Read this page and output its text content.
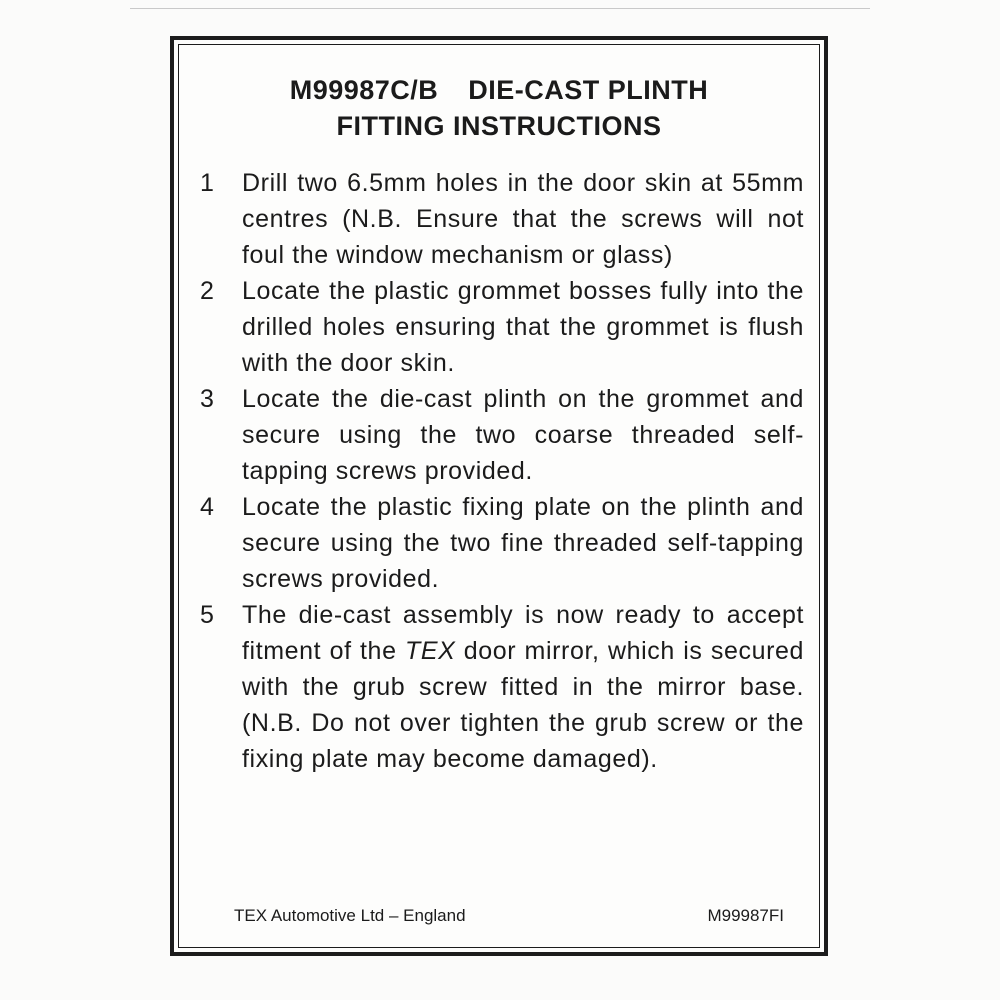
M99987C/B DIE-CAST PLINTH
FITTING INSTRUCTIONS
1 Drill two 6.5mm holes in the door skin at 55mm centres (N.B. Ensure that the screws will not foul the window mechanism or glass)
2 Locate the plastic grommet bosses fully into the drilled holes ensuring that the grommet is flush with the door skin.
3 Locate the die-cast plinth on the grommet and secure using the two coarse threaded self-tapping screws provided.
4 Locate the plastic fixing plate on the plinth and secure using the two fine threaded self-tapping screws provided.
5 The die-cast assembly is now ready to accept fitment of the TEX door mirror, which is secured with the grub screw fitted in the mirror base. (N.B. Do not over tighten the grub screw or the fixing plate may become damaged).
TEX Automotive Ltd – England	M99987FI
